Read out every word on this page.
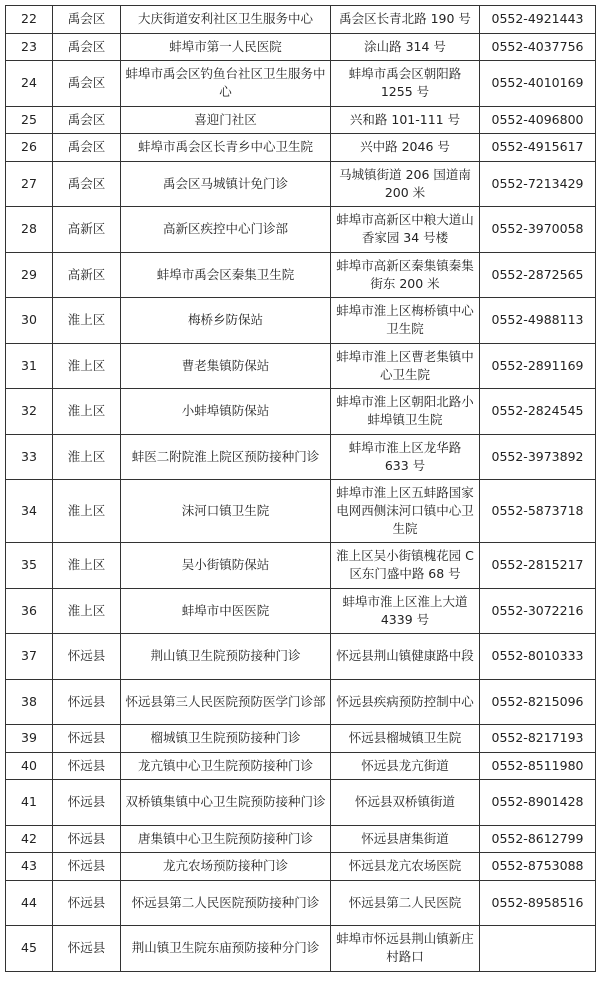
22	禹会区	大庆街道安利社区卫生服务中心	禹会区长青北路 190 号	0552-4921443
23	禹会区	蚌埠市第一人民医院	涂山路 314 号	0552-4037756
24	禹会区	蚌埠市禹会区钓鱼台社区卫生服务中心	蚌埠市禹会区朝阳路 1255 号	0552-4010169
25	禹会区	喜迎门社区	兴和路 101-111 号	0552-4096800
26	禹会区	蚌埠市禹会区长青乡中心卫生院	兴中路 2046 号	0552-4915617
27	禹会区	禹会区马城镇计免门诊	马城镇街道 206 国道南 200 米	0552-7213429
28	高新区	高新区疾控中心门诊部	蚌埠市高新区中粮大道山香家园 34 号楼	0552-3970058
29	高新区	蚌埠市禹会区秦集卫生院	蚌埠市高新区秦集镇秦集街东 200 米	0552-2872565
30	淮上区	梅桥乡防保站	蚌埠市淮上区梅桥镇中心卫生院	0552-4988113
31	淮上区	曹老集镇防保站	蚌埠市淮上区曹老集镇中心卫生院	0552-2891169
32	淮上区	小蚌埠镇防保站	蚌埠市淮上区朝阳北路小蚌埠镇卫生院	0552-2824545
33	淮上区	蚌医二附院淮上院区预防接种门诊	蚌埠市淮上区龙华路 633 号	0552-3973892
34	淮上区	沫河口镇卫生院	蚌埠市淮上区五蚌路国家电网西侧沫河口镇中心卫生院	0552-5873718
35	淮上区	吴小街镇防保站	淮上区吴小街镇槐花园 C 区东门盛中路 68 号	0552-2815217
36	淮上区	蚌埠市中医医院	蚌埠市淮上区淮上大道 4339 号	0552-3072216
37	怀远县	荆山镇卫生院预防接种门诊	怀远县荆山镇健康路中段	0552-8010333
38	怀远县	怀远县第三人民医院预防医学门诊部	怀远县疾病预防控制中心	0552-8215096
39	怀远县	榴城镇卫生院预防接种门诊	怀远县榴城镇卫生院	0552-8217193
40	怀远县	龙亢镇中心卫生院预防接种门诊	怀远县龙亢街道	0552-8511980
41	怀远县	双桥镇集镇中心卫生院预防接种门诊	怀远县双桥镇街道	0552-8901428
42	怀远县	唐集镇中心卫生院预防接种门诊	怀远县唐集街道	0552-8612799
43	怀远县	龙亢农场预防接种门诊	怀远县龙亢农场医院	0552-8753088
44	怀远县	怀远县第二人民医院预防接种门诊	怀远县第二人民医院	0552-8958516
45	怀远县	荆山镇卫生院东庙预防接种分门诊	蚌埠市怀远县荆山镇新庄村路口	
